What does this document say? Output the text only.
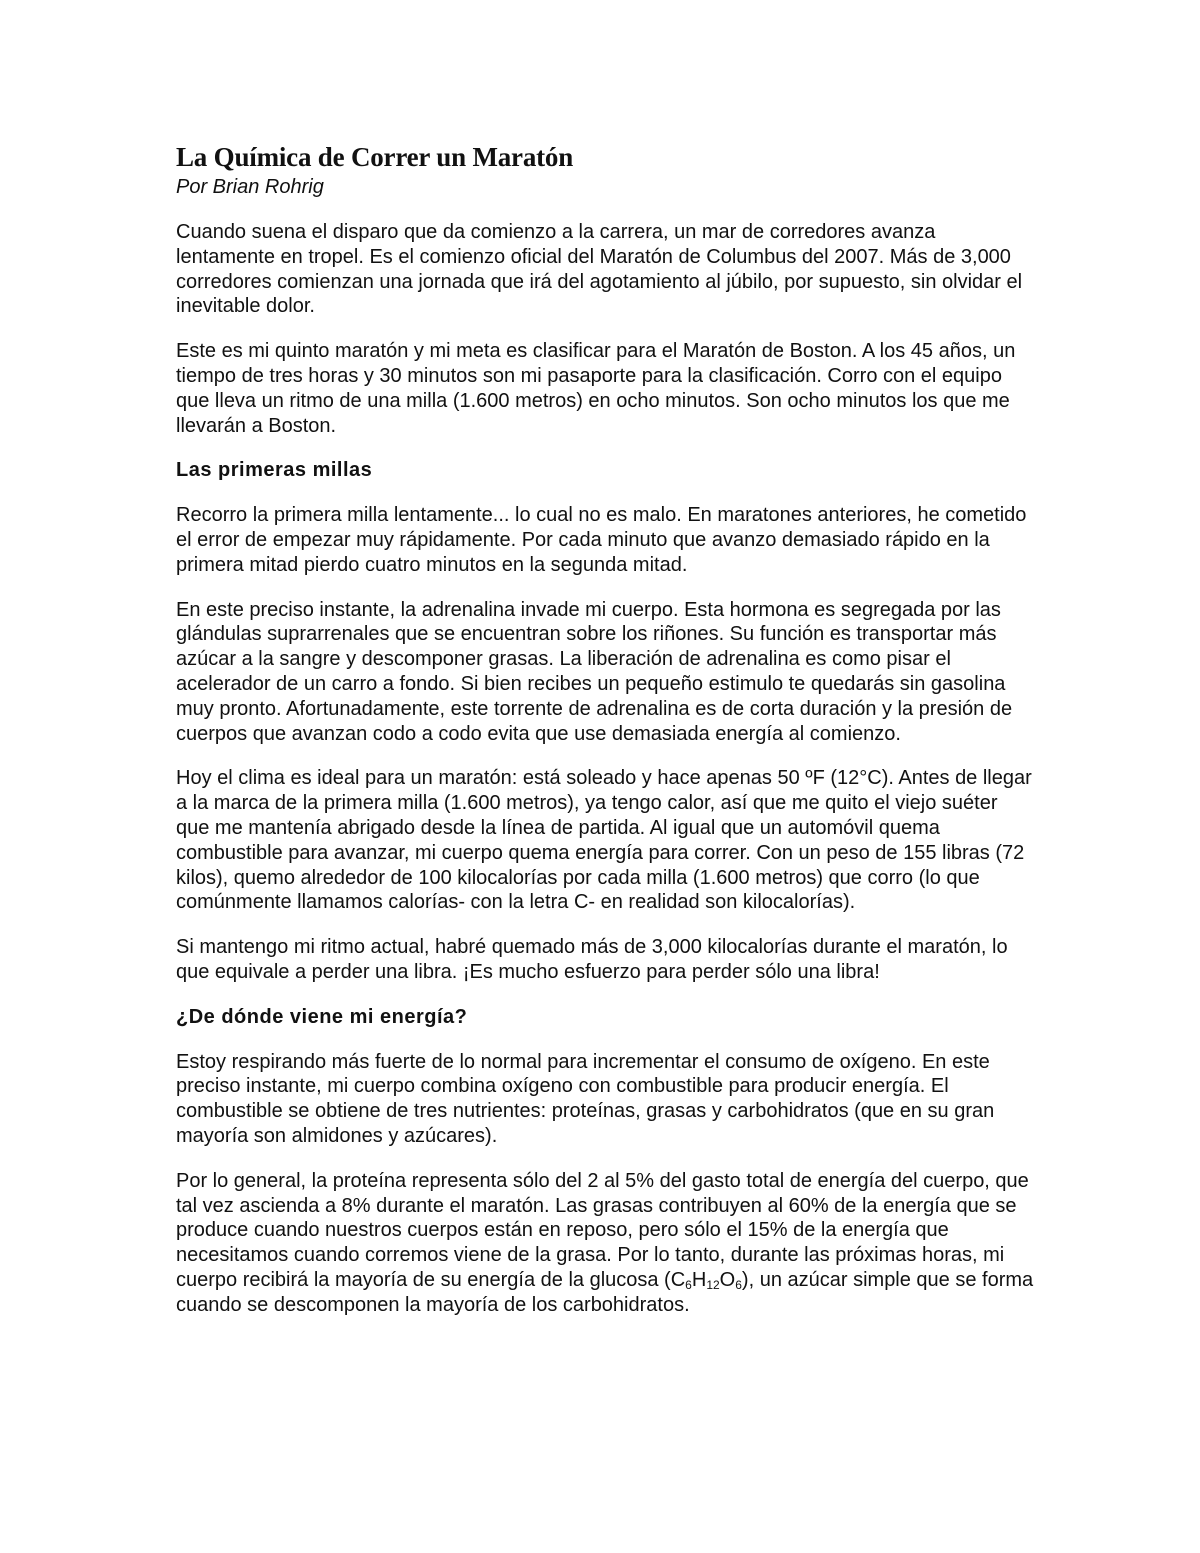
La Química de Correr un Maratón
Por Brian Rohrig

Cuando suena el disparo que da comienzo a la carrera, un mar de corredores avanza lentamente en tropel. Es el comienzo oficial del Maratón de Columbus del 2007. Más de 3,000 corredores comienzan una jornada que irá del agotamiento al júbilo, por supuesto, sin olvidar el inevitable dolor.

Este es mi quinto maratón y mi meta es clasificar para el Maratón de Boston. A los 45 años, un tiempo de tres horas y 30 minutos son mi pasaporte para la clasificación. Corro con el equipo que lleva un ritmo de una milla (1.600 metros) en ocho minutos. Son ocho minutos los que me llevarán a Boston.

Las primeras millas

Recorro la primera milla lentamente... lo cual no es malo. En maratones anteriores, he cometido el error de empezar muy rápidamente. Por cada minuto que avanzo demasiado rápido en la primera mitad pierdo cuatro minutos en la segunda mitad.

En este preciso instante, la adrenalina invade mi cuerpo. Esta hormona es segregada por las glándulas suprarrenales que se encuentran sobre los riñones. Su función es transportar más azúcar a la sangre y descomponer grasas. La liberación de adrenalina es como pisar el acelerador de un carro a fondo. Si bien recibes un pequeño estimulo te quedarás sin gasolina muy pronto. Afortunadamente, este torrente de adrenalina es de corta duración y la presión de cuerpos que avanzan codo a codo evita que use demasiada energía al comienzo.

Hoy el clima es ideal para un maratón: está soleado y hace apenas 50 ºF (12°C). Antes de llegar a la marca de la primera milla (1.600 metros), ya tengo calor, así que me quito el viejo suéter que me mantenía abrigado desde la línea de partida. Al igual que un automóvil quema combustible para avanzar, mi cuerpo quema energía para correr. Con un peso de 155 libras (72 kilos), quemo alrededor de 100 kilocalorías por cada milla (1.600 metros) que corro (lo que comúnmente llamamos calorías- con la letra C- en realidad son kilocalorías).

Si mantengo mi ritmo actual, habré quemado más de 3,000 kilocalorías durante el maratón, lo que equivale a perder una libra. ¡Es mucho esfuerzo para perder sólo una libra!

¿De dónde viene mi energía?

Estoy respirando más fuerte de lo normal para incrementar el consumo de oxígeno. En este preciso instante, mi cuerpo combina oxígeno con combustible para producir energía. El combustible se obtiene de tres nutrientes: proteínas, grasas y carbohidratos (que en su gran mayoría son almidones y azúcares).

Por lo general, la proteína representa sólo del 2 al 5% del gasto total de energía del cuerpo, que tal vez ascienda a 8% durante el maratón. Las grasas contribuyen al 60% de la energía que se produce cuando nuestros cuerpos están en reposo, pero sólo el 15% de la energía que necesitamos cuando corremos viene de la grasa. Por lo tanto, durante las próximas horas, mi cuerpo recibirá la mayoría de su energía de la glucosa $(C_6H_{12}O_6)$, un azúcar simple que se forma cuando se descomponen la mayoría de los carbohidratos.
